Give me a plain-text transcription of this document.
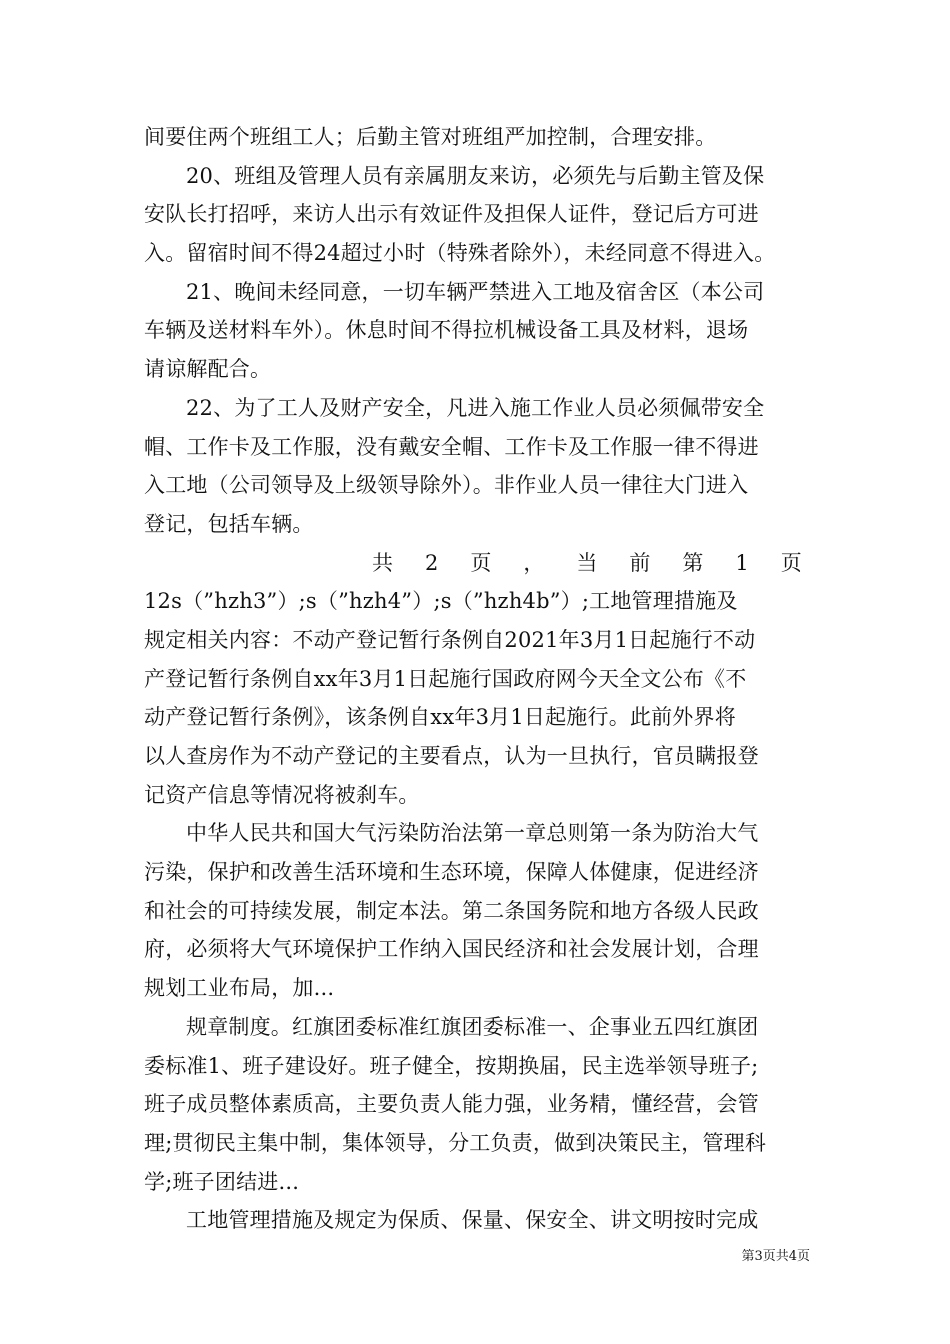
间要住两个班组工人；后勤主管对班组严加控制，合理安排。
20、班组及管理人员有亲属朋友来访，必须先与后勤主管及保
安队长打招呼，来访人出示有效证件及担保人证件，登记后方可进
入。留宿时间不得24超过小时（特殊者除外），未经同意不得进入。
21、晚间未经同意，一切车辆严禁进入工地及宿舍区（本公司
车辆及送材料车外）。休息时间不得拉机械设备工具及材料，退场
请谅解配合。
22、为了工人及财产安全，凡进入施工作业人员必须佩带安全
帽、工作卡及工作服，没有戴安全帽、工作卡及工作服一律不得进
入工地（公司领导及上级领导除外）。非作业人员一律往大门进入
登记，包括车辆。
共 2 页 ， 当 前 第 1 页
12s（”hzh3”）;s（”hzh4”）;s（”hzh4b”）;工地管理措施及
规定相关内容：不动产登记暂行条例自2021年3月1日起施行不动
产登记暂行条例自xx年3月1日起施行国政府网今天全文公布《不
动产登记暂行条例》，该条例自xx年3月1日起施行。此前外界将
以人查房作为不动产登记的主要看点，认为一旦执行，官员瞒报登
记资产信息等情况将被刹车。
中华人民共和国大气污染防治法第一章总则第一条为防治大气
污染，保护和改善生活环境和生态环境，保障人体健康，促进经济
和社会的可持续发展，制定本法。第二条国务院和地方各级人民政
府，必须将大气环境保护工作纳入国民经济和社会发展计划，合理
规划工业布局，加...
规章制度。红旗团委标准红旗团委标准一、企事业五四红旗团
委标准1、班子建设好。班子健全，按期换届，民主选举领导班子;
班子成员整体素质高，主要负责人能力强，业务精，懂经营，会管
理;贯彻民主集中制，集体领导，分工负责，做到决策民主，管理科
学;班子团结进...
工地管理措施及规定为保质、保量、保安全、讲文明按时完成
第3页共4页
